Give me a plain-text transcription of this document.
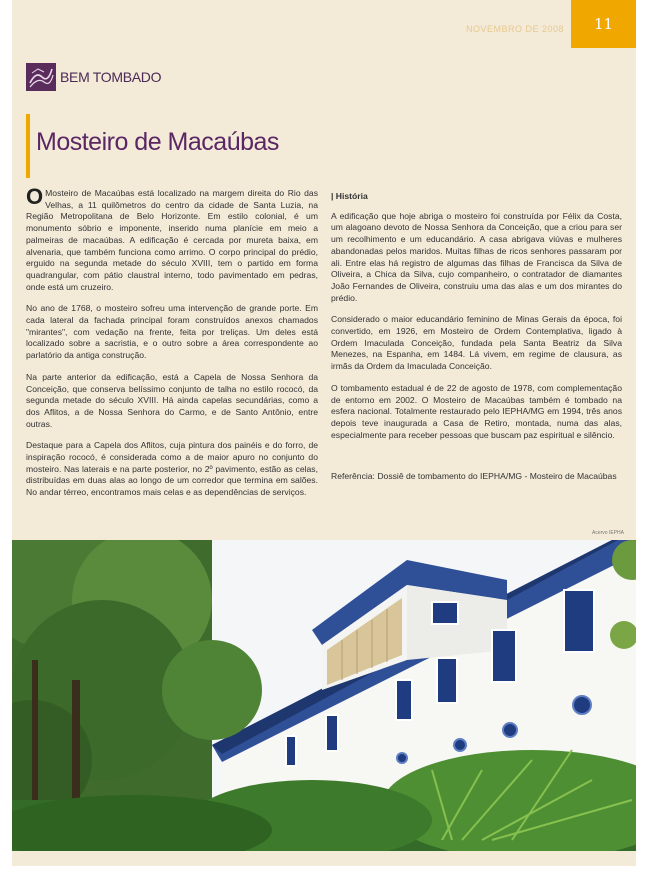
NOVEMBRO DE 2008	11
BEM TOMBADO
Mosteiro de Macaúbas

O Mosteiro de Macaúbas está localizado na margem direita do Rio das Velhas, a 11 quilômetros do centro da cidade de Santa Luzia, na Região Metropolitana de Belo Horizonte. Em estilo colonial, é um monumento sóbrio e imponente, inserido numa planície em meio a palmeiras de macaúbas. A edificação é cercada por mureta baixa, em alvenaria, que também funciona como arrimo. O corpo principal do prédio, erguido na segunda metade do século XVIII, tem o partido em forma quadrangular, com pátio claustral interno, todo pavimentado em pedras, onde está um cruzeiro.

No ano de 1768, o mosteiro sofreu uma intervenção de grande porte. Em cada lateral da fachada principal foram construídos anexos chamados "mirantes", com vedação na frente, feita por treliças. Um deles está localizado sobre a sacristia, e o outro sobre a área correspondente ao parlatório da antiga construção.

Na parte anterior da edificação, está a Capela de Nossa Senhora da Conceição, que conserva belíssimo conjunto de talha no estilo rococó, da segunda metade do século XVIII. Há ainda capelas secundárias, como a dos Aflitos, a de Nossa Senhora do Carmo, e de Santo Antônio, entre outras.

Destaque para a Capela dos Aflitos, cuja pintura dos painéis e do forro, de inspiração rococó, é considerada como a de maior apuro no conjunto do mosteiro. Nas laterais e na parte posterior, no 2º pavimento, estão as celas, distribuídas em duas alas ao longo de um corredor que termina em salões. No andar térreo, encontramos mais celas e as dependências de serviços.

| História

A edificação que hoje abriga o mosteiro foi construída por Félix da Costa, um alagoano devoto de Nossa Senhora da Conceição, que a criou para ser um recolhimento e um educandário. A casa abrigava viúvas e mulheres abandonadas pelos maridos. Muitas filhas de ricos senhores passaram por ali. Entre elas há registro de algumas das filhas de Francisca da Silva de Oliveira, a Chica da Silva, cujo companheiro, o contratador de diamantes João Fernandes de Oliveira, construiu uma das alas e um dos mirantes do prédio.

Considerado o maior educandário feminino de Minas Gerais da época, foi convertido, em 1926, em Mosteiro de Ordem Contemplativa, ligado à Ordem Imaculada Conceição, fundada pela Santa Beatriz da Silva Menezes, na Espanha, em 1484. Lá vivem, em regime de clausura, as irmãs da Ordem da Imaculada Conceição.

O tombamento estadual é de 22 de agosto de 1978, com complementação de entorno em 2002. O Mosteiro de Macaúbas também é tombado na esfera nacional. Totalmente restaurado pelo IEPHA/MG em 1994, três anos depois teve inaugurada a Casa de Retiro, montada, numa das alas, especialmente para receber pessoas que buscam paz espiritual e silêncio.

Referência: Dossiê de tombamento do IEPHA/MG - Mosteiro de Macaúbas

Acervo IEPHA
